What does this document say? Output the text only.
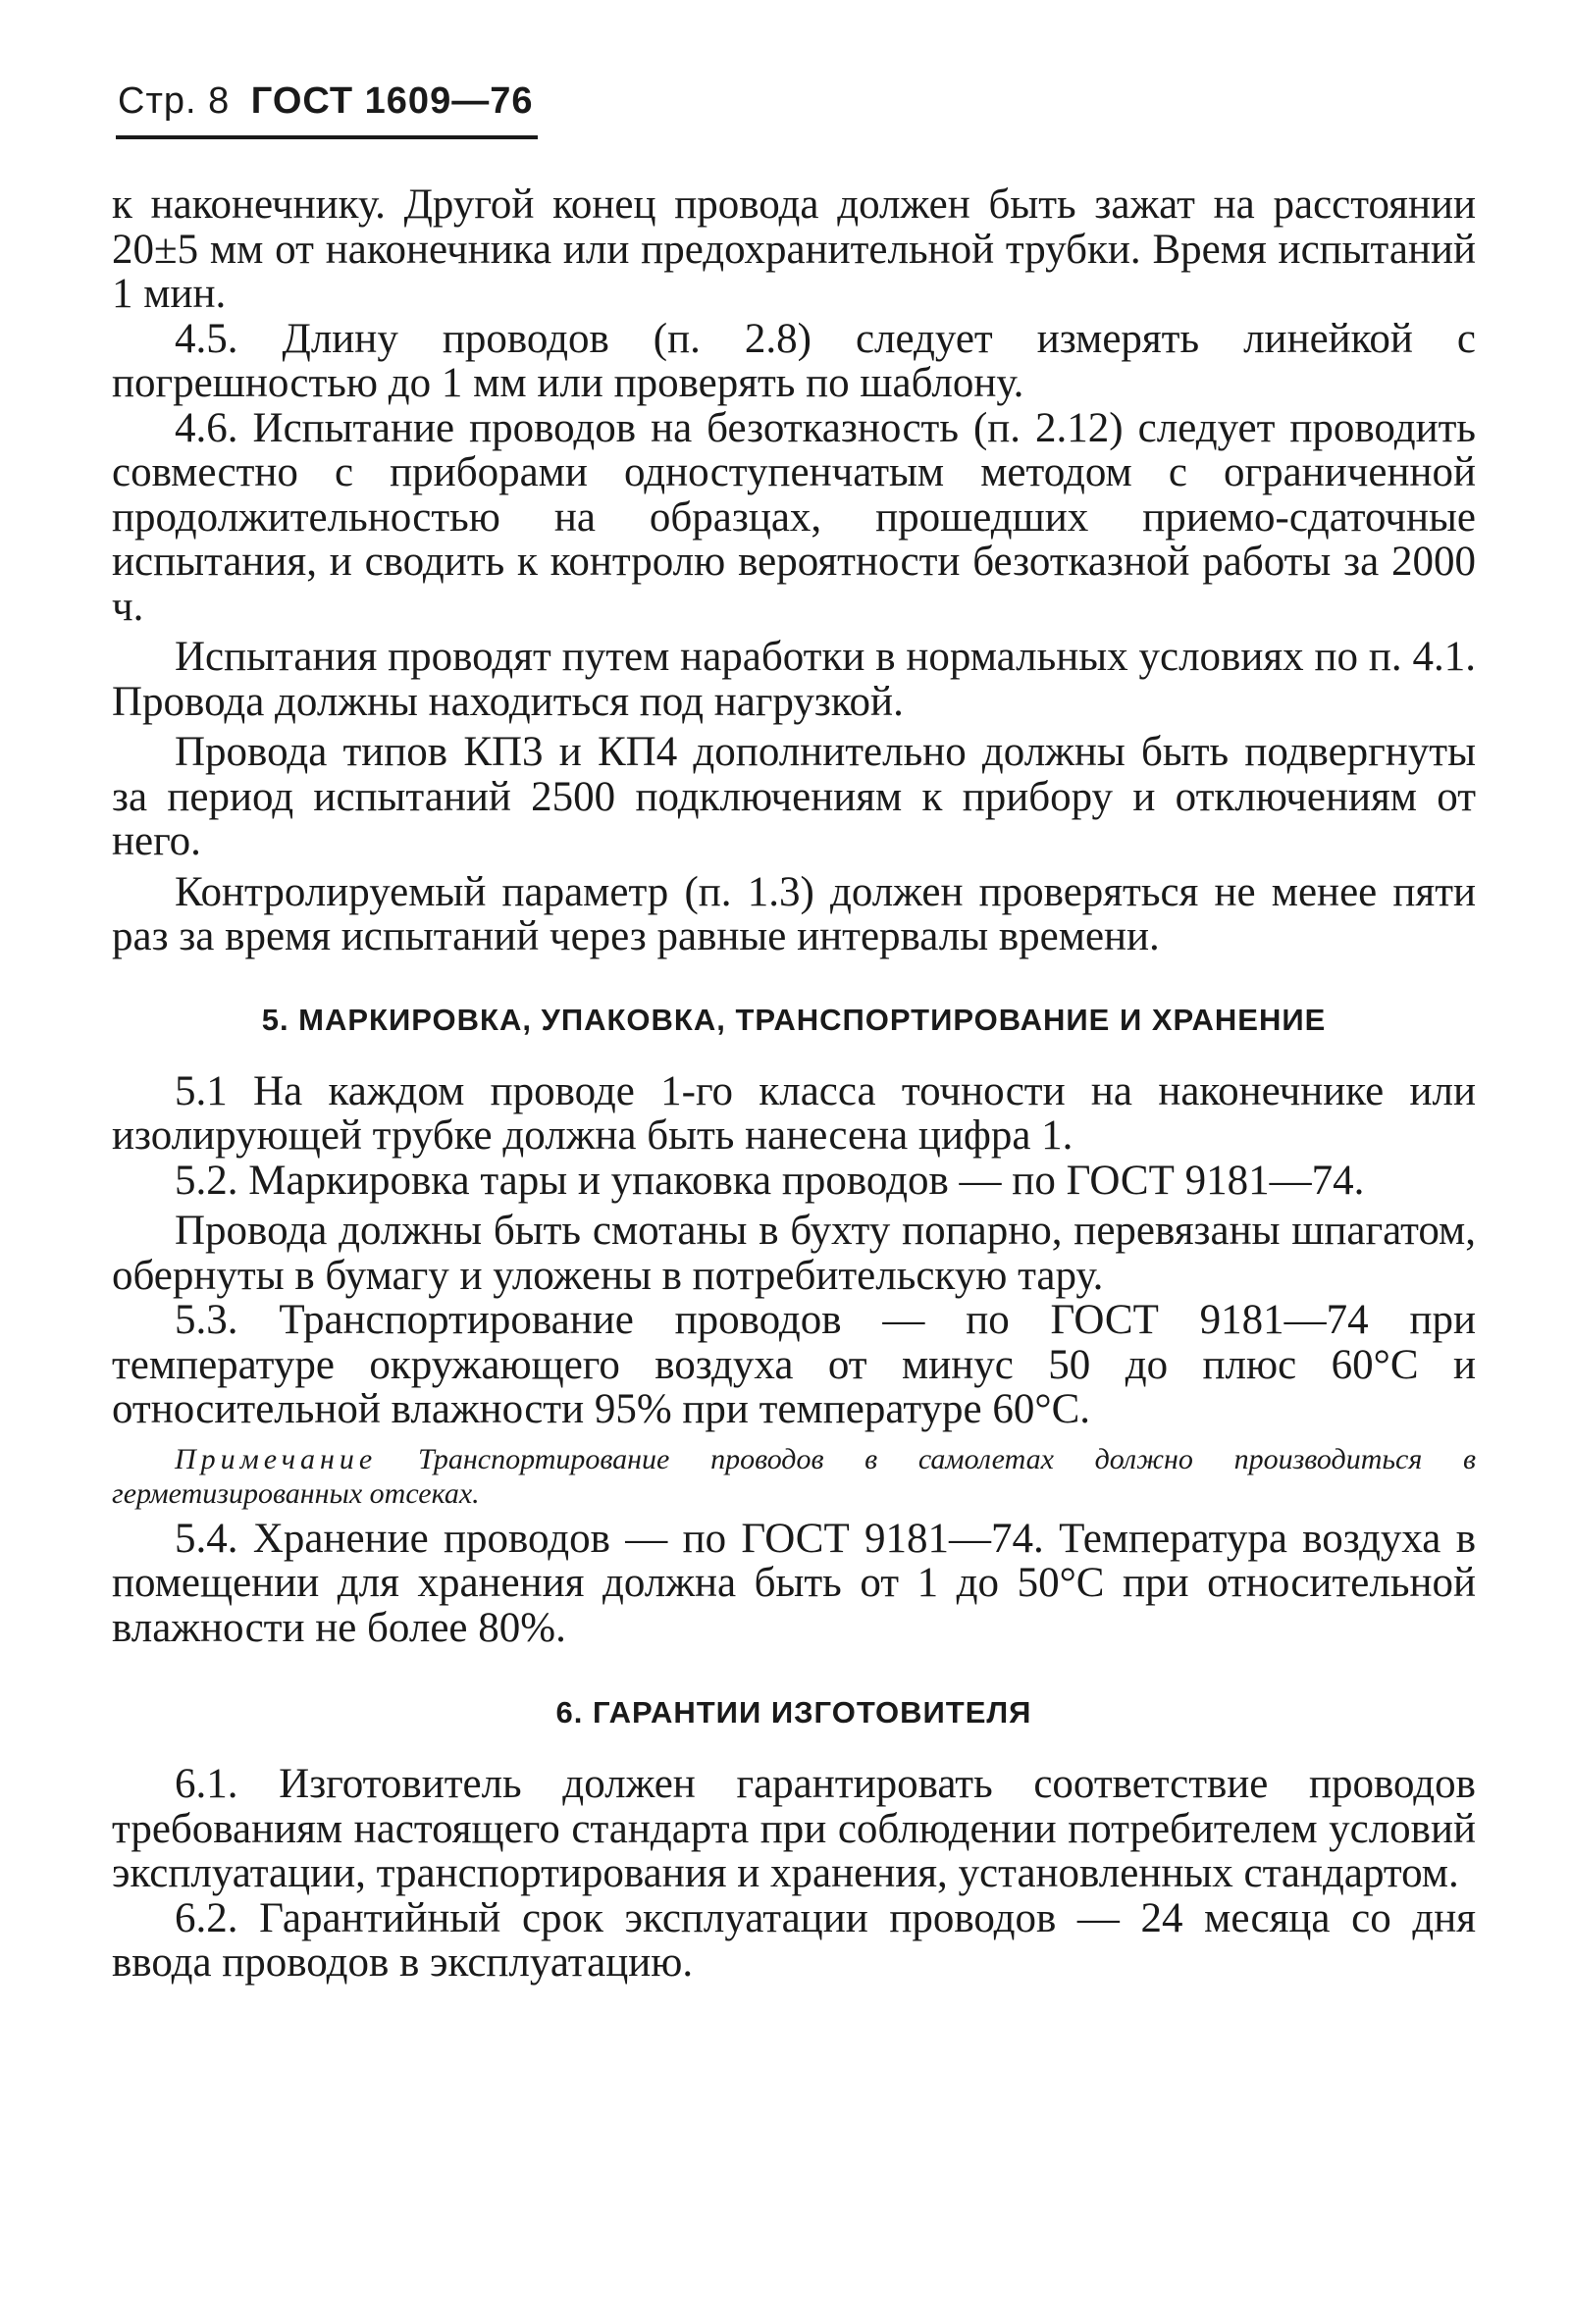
Стр. 8 ГОСТ 1609—76

к наконечнику. Другой конец провода должен быть зажат на расстоянии 20±5 мм от наконечника или предохранительной трубки. Время испытаний 1 мин.

4.5. Длину проводов (п. 2.8) следует измерять линейкой с погрешностью до 1 мм или проверять по шаблону.

4.6. Испытание проводов на безотказность (п. 2.12) следует проводить совместно с приборами одноступенчатым методом с ограниченной продолжительностью на образцах, прошедших приемо-сдаточные испытания, и сводить к контролю вероятности безотказной работы за 2000 ч.

Испытания проводят путем наработки в нормальных условиях по п. 4.1. Провода должны находиться под нагрузкой.

Провода типов КП3 и КП4 дополнительно должны быть подвергнуты за период испытаний 2500 подключениям к прибору и отключениям от него.

Контролируемый параметр (п. 1.3) должен проверяться не менее пяти раз за время испытаний через равные интервалы времени.

5. МАРКИРОВКА, УПАКОВКА, ТРАНСПОРТИРОВАНИЕ И ХРАНЕНИЕ

5.1 На каждом проводе 1-го класса точности на наконечнике или изолирующей трубке должна быть нанесена цифра 1.

5.2. Маркировка тары и упаковка проводов — по ГОСТ 9181—74.

Провода должны быть смотаны в бухту попарно, перевязаны шпагатом, обернуты в бумагу и уложены в потребительскую тару.

5.3. Транспортирование проводов — по ГОСТ 9181—74 при температуре окружающего воздуха от минус 50 до плюс 60°С и относительной влажности 95% при температуре 60°С.

Примечание Транспортирование проводов в самолетах должно производиться в герметизированных отсеках.

5.4. Хранение проводов — по ГОСТ 9181—74. Температура воздуха в помещении для хранения должна быть от 1 до 50°С при относительной влажности не более 80%.

6. ГАРАНТИИ ИЗГОТОВИТЕЛЯ

6.1. Изготовитель должен гарантировать соответствие проводов требованиям настоящего стандарта при соблюдении потребителем условий эксплуатации, транспортирования и хранения, установленных стандартом.

6.2. Гарантийный срок эксплуатации проводов — 24 месяца со дня ввода проводов в эксплуатацию.
